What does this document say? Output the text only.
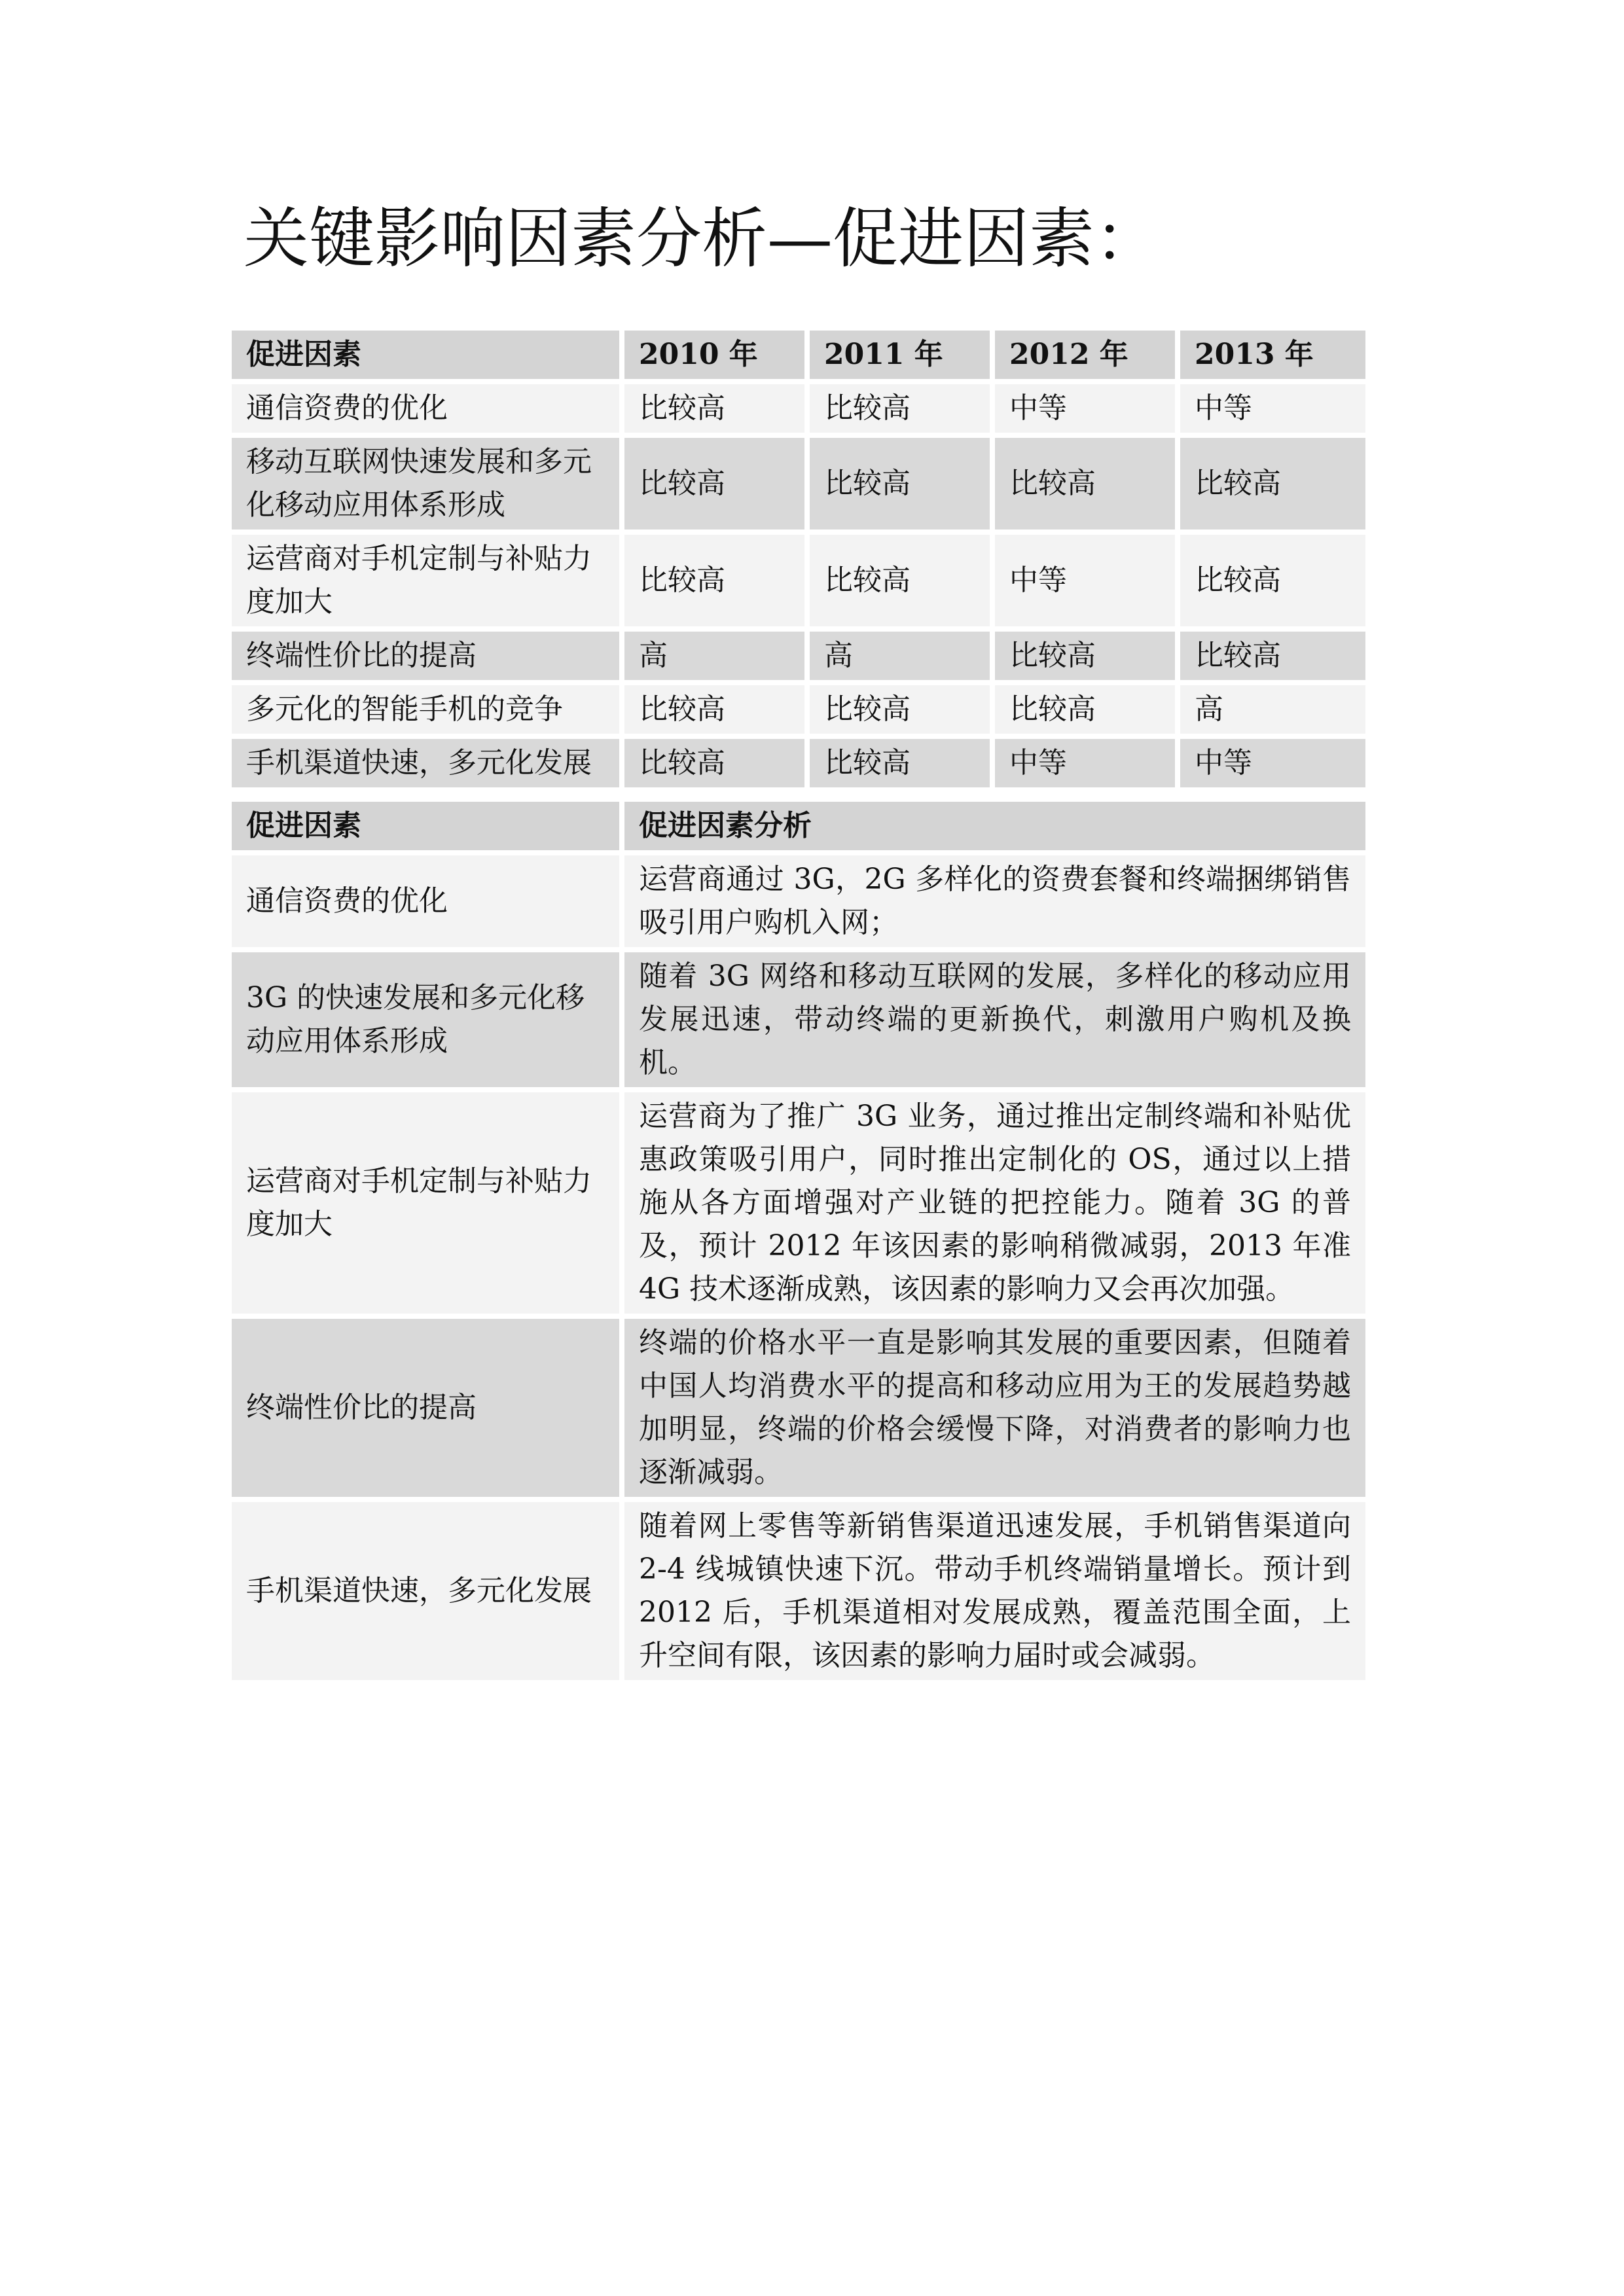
关键影响因素分析—促进因素：
促进因素	2010 年	2011 年	2012 年	2013 年
通信资费的优化	比较高	比较高	中等	中等
移动互联网快速发展和多元化移动应用体系形成	比较高	比较高	比较高	比较高
运营商对手机定制与补贴力度加大	比较高	比较高	中等	比较高
终端性价比的提高	高	高	比较高	比较高
多元化的智能手机的竞争	比较高	比较高	比较高	高
手机渠道快速，多元化发展	比较高	比较高	中等	中等
促进因素	促进因素分析
通信资费的优化	运营商通过 3G，2G 多样化的资费套餐和终端捆绑销售吸引用户购机入网；
3G 的快速发展和多元化移动应用体系形成	随着 3G 网络和移动互联网的发展，多样化的移动应用发展迅速，带动终端的更新换代，刺激用户购机及换机。
运营商对手机定制与补贴力度加大	运营商为了推广 3G 业务，通过推出定制终端和补贴优惠政策吸引用户，同时推出定制化的 OS，通过以上措施从各方面增强对产业链的把控能力。随着 3G 的普及，预计 2012 年该因素的影响稍微减弱，2013 年准 4G 技术逐渐成熟，该因素的影响力又会再次加强。
终端性价比的提高	终端的价格水平一直是影响其发展的重要因素，但随着中国人均消费水平的提高和移动应用为王的发展趋势越加明显，终端的价格会缓慢下降，对消费者的影响力也逐渐减弱。
手机渠道快速，多元化发展	随着网上零售等新销售渠道迅速发展，手机销售渠道向 2-4 线城镇快速下沉。带动手机终端销量增长。预计到 2012 后，手机渠道相对发展成熟，覆盖范围全面，上升空间有限，该因素的影响力届时或会减弱。
